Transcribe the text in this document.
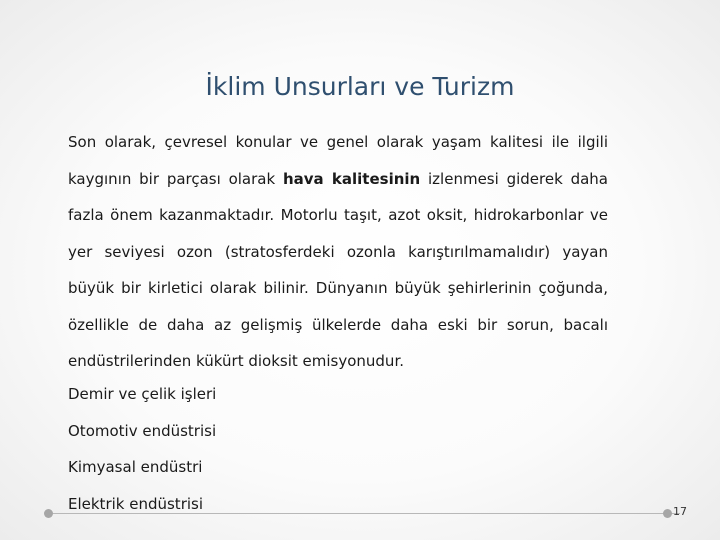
İklim Unsurları ve Turizm

Son olarak, çevresel konular ve genel olarak yaşam kalitesi ile ilgili kaygının bir parçası olarak hava kalitesinin izlenmesi giderek daha fazla önem kazanmaktadır. Motorlu taşıt, azot oksit, hidrokarbonlar ve yer seviyesi ozon (stratosferdeki ozonla karıştırılmamalıdır) yayan büyük bir kirletici olarak bilinir. Dünyanın büyük şehirlerinin çoğunda, özellikle de daha az gelişmiş ülkelerde daha eski bir sorun, bacalı endüstrilerinden kükürt dioksit emisyonudur.

Demir ve çelik işleri
Otomotiv endüstrisi
Kimyasal endüstri
Elektrik endüstrisi	17
